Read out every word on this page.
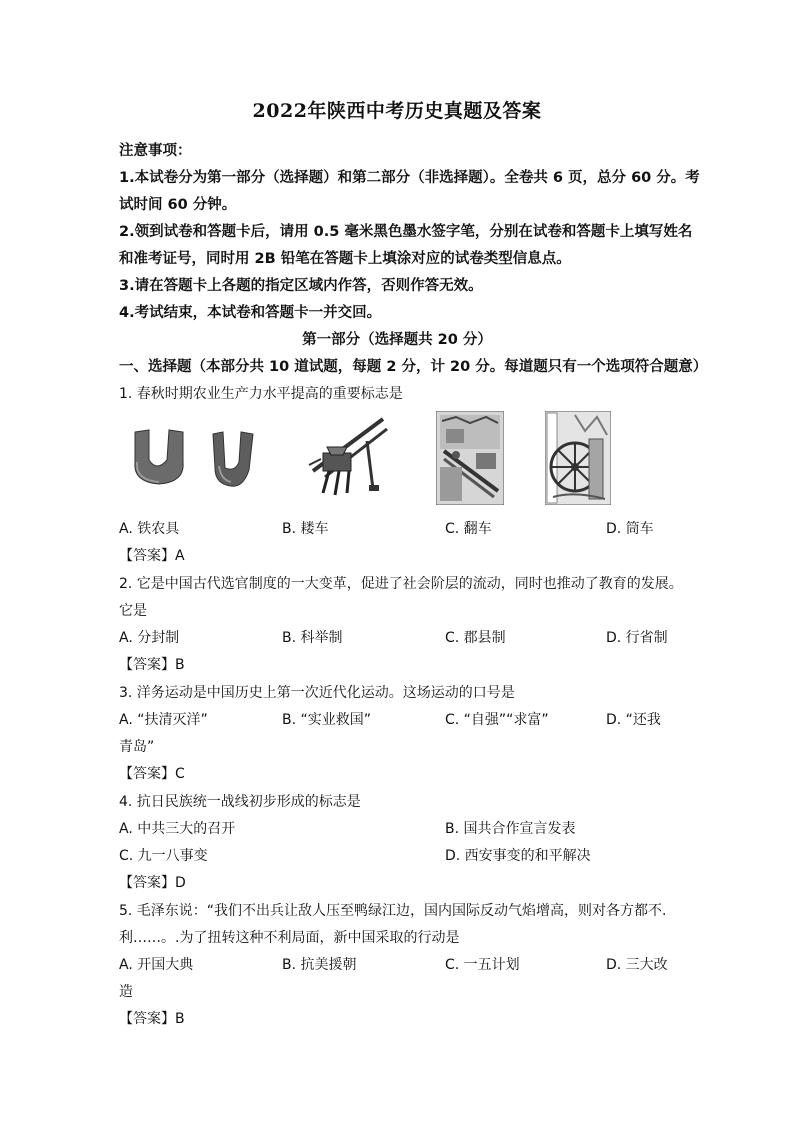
2022年陕西中考历史真题及答案
注意事项：
1.本试卷分为第一部分（选择题）和第二部分（非选择题）。全卷共 6 页，总分 60 分。考
试时间 60 分钟。
2.领到试卷和答题卡后，请用 0.5 毫米黑色墨水签字笔，分别在试卷和答题卡上填写姓名
和准考证号，同时用 2B 铅笔在答题卡上填涂对应的试卷类型信息点。
3.请在答题卡上各题的指定区域内作答，否则作答无效。
4.考试结束，本试卷和答题卡一并交回。
第一部分（选择题共 20 分）
一、选择题（本部分共 10 道试题，每题 2 分，计 20 分。每道题只有一个选项符合题意）
1. 春秋时期农业生产力水平提高的重要标志是
A. 铁农具	B. 耧车	C. 翻车	D. 筒车
【答案】A
2. 它是中国古代选官制度的一大变革，促进了社会阶层的流动，同时也推动了教育的发展。
它是
A. 分封制	B. 科举制	C. 郡县制	D. 行省制
【答案】B
3. 洋务运动是中国历史上第一次近代化运动。这场运动的口号是
A. “扶清灭洋”	B. “实业救国”	C. “自强”“求富”	D. “还我
青岛”
【答案】C
4. 抗日民族统一战线初步形成的标志是
A. 中共三大的召开	B. 国共合作宣言发表
C. 九一八事变	D. 西安事变的和平解决
【答案】D
5. 毛泽东说：“我们不出兵让敌人压至鸭绿江边，国内国际反动气焰增高，则对各方都不.
利……。.为了扭转这种不利局面，新中国采取的行动是
A. 开国大典	B. 抗美援朝	C. 一五计划	D. 三大改
造
【答案】B
